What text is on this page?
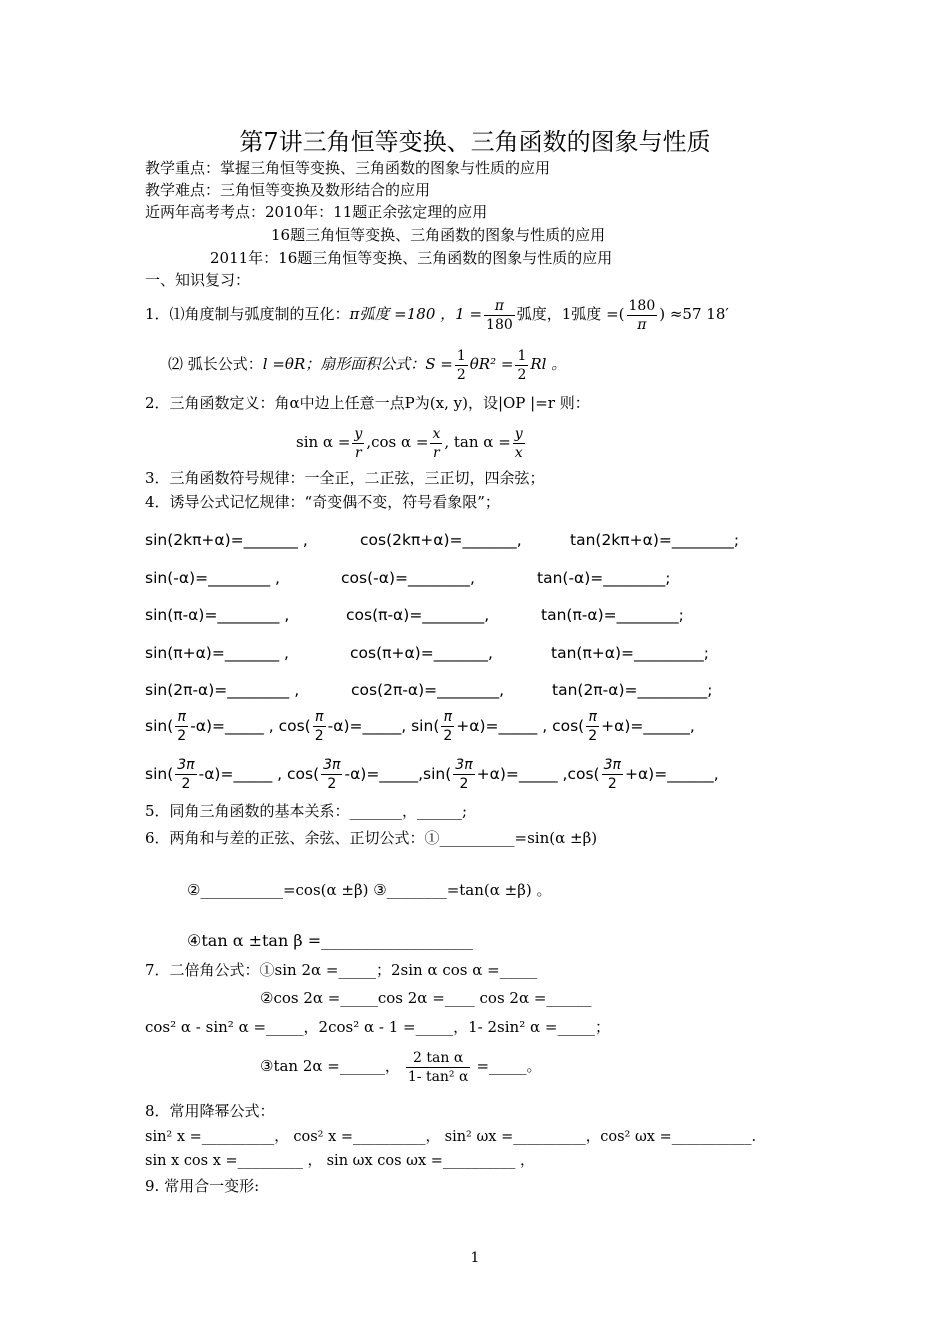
第7讲三角恒等变换、三角函数的图象与性质
教学重点：掌握三角恒等变换、三角函数的图象与性质的应用
教学难点：三角恒等变换及数形结合的应用
近两年高考考点：2010年：11题正余弦定理的应用
16题三角恒等变换、三角函数的图象与性质的应用
2011年：16题三角恒等变换、三角函数的图象与性质的应用
一、知识复习：
1．⑴角度制与弧度制的互化：π弧度 =180 ，$1 = \frac{\pi}{180}$ 弧度，1弧度 =( $\frac{180}{\pi}$ ) ≈57 18′
⑵ 弧长公式：l =θR；扇形面积公式：$S = \frac{1}{2} \theta R^2 = \frac{1}{2}$ Rl 。
2．三角函数定义：角α中边上任意一点P为(x, y)，设|OP |=r 则：
$\sin \alpha = \frac{y}{r} ,\cos$ $\alpha = \frac{x}{r}$ , $\tan \alpha = \frac{y}{x}$
3．三角函数符号规律：一全正，二正弦，三正切，四余弦；
4．诱导公式记忆规律：“奇变偶不变，符号看象限”；
sin(2kπ+α)=_______ ,	cos(2kπ+α)=_______,	tan(2kπ+α)=________;
sin(-α)=________ ,	cos(-α)=________,	tan(-α)=________;
sin(π-α)=________ ,	cos(π-α)=________,	tan(π-α)=________;
sin(π+α)=_______ ,	cos(π+α)=_______,	tan(π+α)=_________;
sin(2π-α)=________ ,	cos(2π-α)=________,	tan(2π-α)=_________;
$\sin( \frac{\pi}{2}$ -α)=_____ , $\cos( \frac{\pi}{2}$ -α)=_____, $\sin( \frac{\pi}{2}$ +α)=_____ , $\cos( \frac{\pi}{2}$ +α)=______,
$\sin( \frac{3\pi}{2}$ -α)=_____ , $\cos( \frac{3\pi}{2}$ -α)=_____,sin( $\frac{3\pi}{2}$ +α)=_____ $,\cos( \frac{3\pi}{2}$ +α)=______,
5．同角三角函数的基本关系：_______，______;
6．两角和与差的正弦、余弦、正切公式：①__________=sin(α ±β)
②___________=cos(α ±β) ③________=tan(α ±β) 。
④tan α ±tan β =___________________
7．二倍角公式：①sin 2α =_____；2sin α cos α =_____
②cos 2α =_____cos 2α =____ cos 2α =______
cos² α - sin² α =_____，2cos² α - 1 =_____，1- 2sin² α =_____；
③tan 2α =______， $\frac{\text{2 tan α}}{\text{1- tan² α}}$ =_____。
8．常用降幂公式：
sin² x =__________， cos² x =__________， sin² ωx =__________，cos² ωx =___________.
sin x cos x =_________ ， sin ωx cos ωx =__________ ，
9. 常用合一变形:
1
